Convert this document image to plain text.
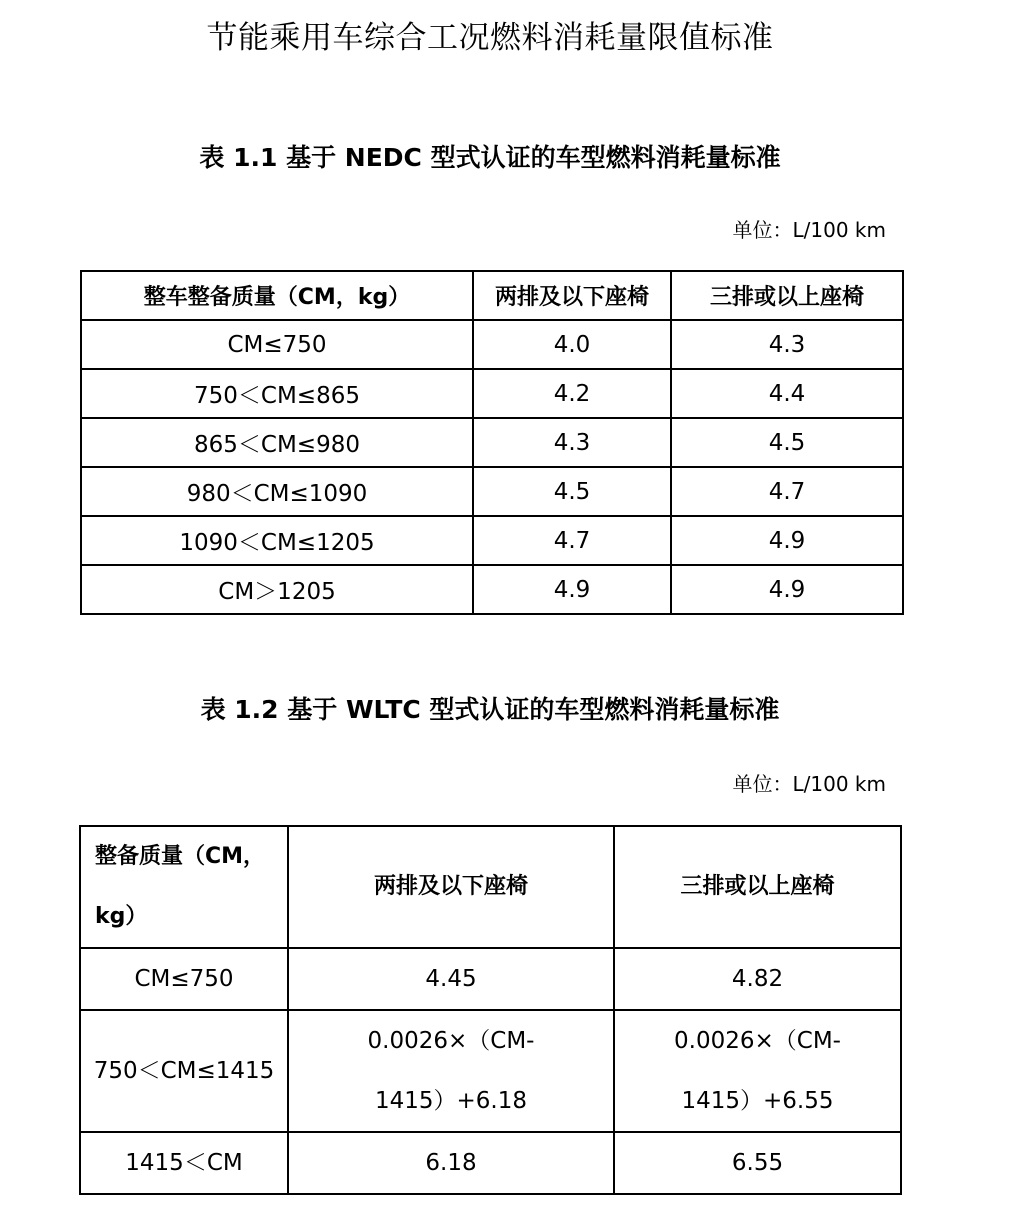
节能乘用车综合工况燃料消耗量限值标准
表 1.1 基于 NEDC 型式认证的车型燃料消耗量标准
单位：L/100 km
整车整备质量（CM，kg）	两排及以下座椅	三排或以上座椅
CM≤750	4.0	4.3
750＜CM≤865	4.2	4.4
865＜CM≤980	4.3	4.5
980＜CM≤1090	4.5	4.7
1090＜CM≤1205	4.7	4.9
CM＞1205	4.9	4.9
表 1.2 基于 WLTC 型式认证的车型燃料消耗量标准
单位：L/100 km
整备质量（CM，kg）	两排及以下座椅	三排或以上座椅
CM≤750	4.45	4.82
750＜CM≤1415	0.0026×（CM-1415）+6.18	0.0026×（CM-1415）+6.55
1415＜CM	6.18	6.55
